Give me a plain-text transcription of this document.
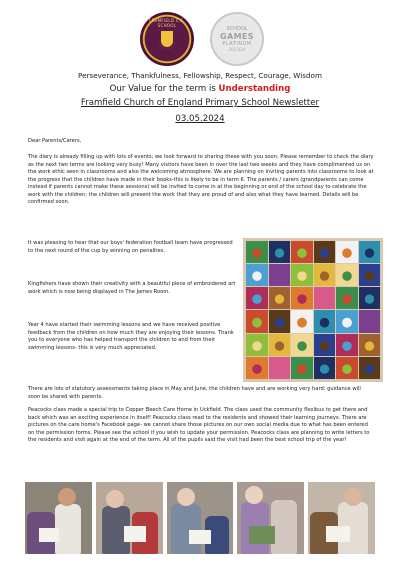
FRAMFIELD C.E. SCHOOL
SCHOOL
GAMES
PLATINUM
2023/24
Perseverance, Thankfulness, Fellowship, Respect, Courage, Wisdom
Our Value for the term is Understanding
Framfield Church of England Primary School Newsletter
03.05.2024

Dear Parents/Carers,

The diary is already filling up with lots of events; we look forward to sharing these with you soon. Please remember to check the diary as the next two terms are looking very busy! Many visitors have been in over the last two weeks and they have complimented us on the work ethic seen in classrooms and also the welcoming atmosphere. We are planning on inviting parents into classrooms to look at the progress that the children have made in their books-this is likely to be in term 6. The parents / carers (grandparents can come instead if parents cannot make these sessions) will be invited to come in at the beginning or end of the school day to celebrate the work with the children; the children will present the work that they are proud of and also what they have learned. Details will be confirmed soon.

It was pleasing to hear that our boys' federation football team have progressed to the next round of the cup by winning on penalties.

Kingfishers have shown their creativity with a beautiful piece of embroidered art work which is now being displayed in The James Room.

Year 4 have started their swimming lessons and we have received positive feedback from the children on how much they are enjoying their lessons. Thank you to everyone who has helped transport the children to and from their swimming lessons- this is very much appreciated.

There are lots of statutory assessments taking place in May and June, the children have and are working very hard; guidance will soon be shared with parents.

Peacocks class made a special trip to Copper Beech Care Home in Uckfield. The class used the community flexibus to get there and back which was an exciting experience in itself! Peacocks class read to the residents and showed their learning journeys. There are pictures on the care home's Facebook page- we cannot share those pictures on our own social media due to what has been entered on the permission forms. Please see the school if you wish to update your permission. Peacocks class are planning to write letters to the residents and visit again at the end of the term. All of the pupils said the visit had been the best school trip of the year!
